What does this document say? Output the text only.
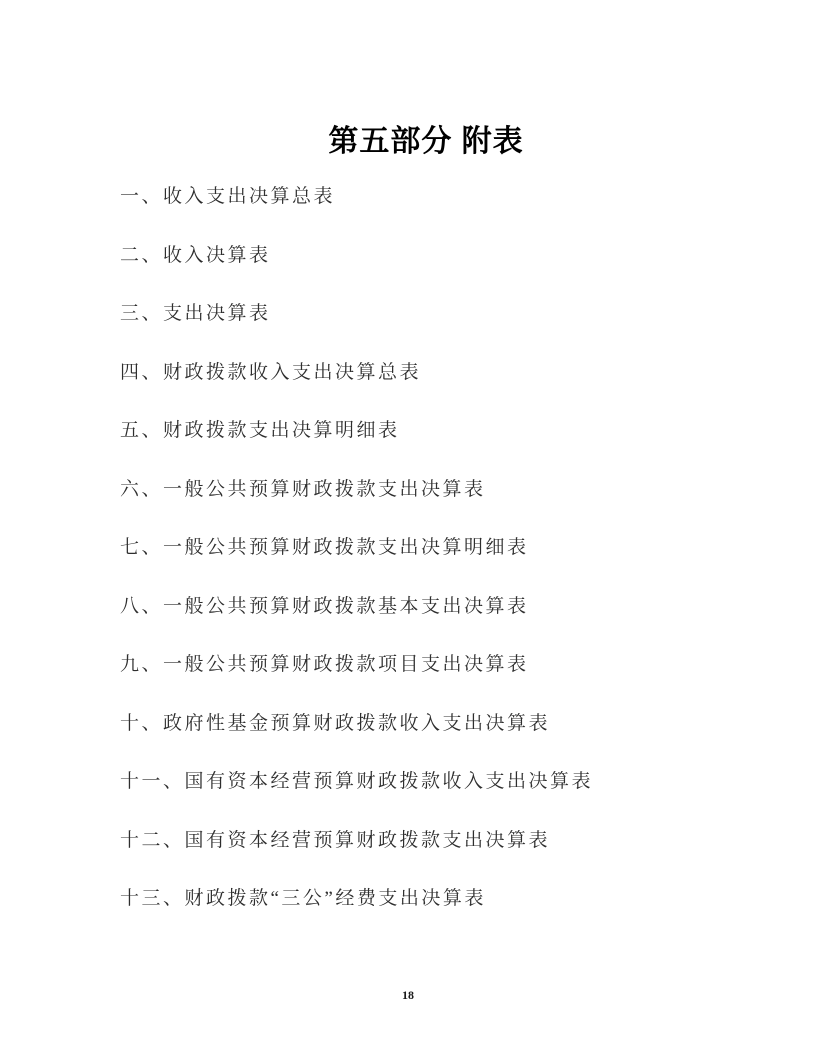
第五部分 附表
一、收入支出决算总表
二、收入决算表
三、支出决算表
四、财政拨款收入支出决算总表
五、财政拨款支出决算明细表
六、一般公共预算财政拨款支出决算表
七、一般公共预算财政拨款支出决算明细表
八、一般公共预算财政拨款基本支出决算表
九、一般公共预算财政拨款项目支出决算表
十、政府性基金预算财政拨款收入支出决算表
十一、国有资本经营预算财政拨款收入支出决算表
十二、国有资本经营预算财政拨款支出决算表
十三、财政拨款“三公”经费支出决算表
18
